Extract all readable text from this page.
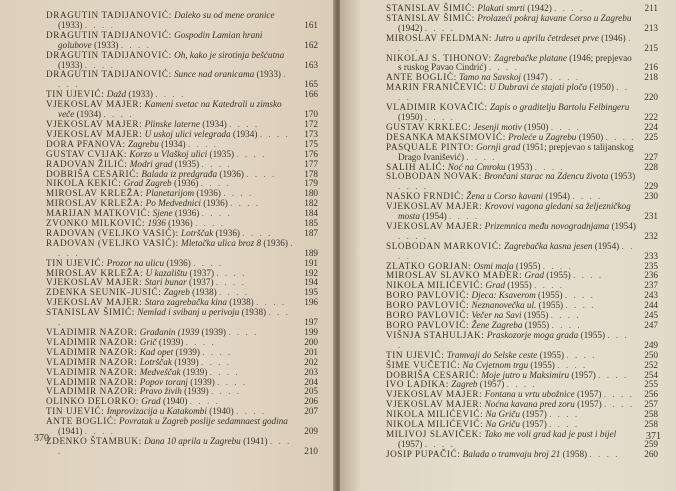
DRAGUTIN TADIJANOVIĆ: Daleko su od mene oranice (1933) . . . .	161
DRAGUTIN TADIJANOVIĆ: Gospodin Lamian hrani golubove (1933) . . . .	162
DRAGUTIN TADIJANOVIĆ: Oh, kako je sirotinja bešćutna (1933) . . . .	163
DRAGUTIN TADIJANOVIĆ: Sunce nad oranicama (1933) . . . .	165
TIN UJEVIĆ: Dažd (1933) . . . .	166
VJEKOSLAV MAJER: Kameni svetac na Katedrali u zimsko veče (1934) . . . .	170
VJEKOSLAV MAJER: Plinske laterne (1934) . . . .	172
VJEKOSLAV MAJER: U uskoj ulici velegrada (1934) . . . . 173
DORA PFANOVA: Zagrebu (1934) . . . .	175
GUSTAV CVIJAK: Korzo u Vlaškoj ulici (1935) . . . .	176
RADOVAN ŽILIĆ: Modri grad (1935) . . . .	177
DOBRIŠA CESARIĆ: Balada iz predgrađa (1936) . . . .	178
NIKOLA KEKIĆ: Grad Zagreb (1936) . . . .	179
MIROSLAV KRLEŽA: Planetarijom (1936) . . . .	180
MIROSLAV KRLEŽA: Po Medvednici (1936) . . . .	182
MARIJAN MATKOVIĆ: Sjene (1936) . . . .	184
ZVONKO MILKOVIĆ: 1936 (1936) . . . .	185
RADOVAN (VELJKO VASIĆ): Lotrščak (1936) . . . .	187
RADOVAN (VELJKO VASIĆ): Mletačka ulica broz 8 (1936) . . . .	189
TIN UJEVIĆ: Prozor na ulicu (1936) . . . .	191
MIROSLAV KRLEŽA: U kazalištu (1937) . . . .	192
VJEKOSLAV MAJER: Stari bunar (1937) . . . .	194
ZDENKA SEUNIK-JUSIĆ: Zagreb (1938) . . . .	195
VJEKOSLAV MAJER: Stara zagrebačka kina (1938) . . . . 196
STANISLAV ŠIMIĆ: Nemlad i svibanj u perivoju (1938) . . . .	197
VLADIMIR NAZOR: Građanin (1939 (1939) . . . .	199
VLADIMIR NAZOR: Grič (1939) . . . .	200
VLADIMIR NAZOR: Kad opet (1939) . . . .	201
VLADIMIR NAZOR: Lotrščak (1939) . . . .	202
VLADIMIR NAZOR: Medveščak (1939) . . . .	203
VLADIMIR NAZOR: Popov toranj (1939) . . . .	204
VLADIMIR NAZOR: Pravo živih (1939) . . . .	205
OLINKO DELORKO: Grad (1940) . . . .	206
TIN UJEVIĆ: Improvizacija u Katakombi (1940) . . . .	207
ANTE BOGLIĆ: Povratak u Zagreb poslije sedamnaest godina (1941) . . . .	209
ZDENKO ŠTAMBUK: Dana 10 aprila u Zagrebu (1941) . . . .	210
370
STANISLAV ŠIMIĆ: Plakati smrti (1942) . . . .	211
STANISLAV ŠIMIĆ: Prolazeći pokraj kavane Corso u Zagrebu (1942) . . . .	213
MIROSLAV FELDMAN: Jutro u aprilu četrdeset prve (1946) . . . .	215
NIKOLAJ S. TIHONOV: Zagrebačke platane (1946; prepjevao s ruskog Pavao Cindrić) . . . .	216
ANTE BOGLIĆ: Tamo na Savskoj (1947) . . . .	218
MARIN FRANIČEVIĆ: U Dubravi će stajati ploča (1950) . . . .	220
VLADIMIR KOVAČIĆ: Zapis o graditelju Bartolu Felbingeru (1950) . . . .	222
GUSTAV KRKLEC: Jesenji motiv (1950) . . . .	224
DESANKA MAKSIMOVIĆ: Proleće u Zagrebu (1950) . . . . 225
PASQUALE PINTO: Gornji grad (1951; prepjevao s talijanskog Drago Ivanišević) . . . .	227
SALIH ALIĆ: Noć na Cmroku (1953) . . . .	228
SLOBODAN NOVAK: Brončani starac na Zdencu života (1953) . . . .	229
NASKO FRNDIĆ: Žena u Corso kavani (1954) . . . .	230
VJEKOSLAV MAJER: Krovovi vagona gledani sa željezničkog mosta (1954) . . . .	231
VJEKOSLAV MAJER: Prizemnica među novogradnjama (1954) . . . .	232
SLOBODAN MARKOVIĆ: Zagrebačka kasna jesen (1954) . . . .	233
ZLATKO GORJAN: Osmi maja (1955) . . . .	235
MIROSLAV SLAVKO MAĐER: Grad (1955) . . . .	236
NIKOLA MILIĆEVIĆ: Grad (1955) . . . .	237
BORO PAVLOVIĆ: Djeca: Ksaverom (1955) . . . .	243
BORO PAVLOVIĆ: Neznanovečka ul. (1955) . . . .	244
BORO PAVLOVIĆ: Večer na Savi (1955) . . . .	245
BORO PAVLOVIĆ: Žene Zagreba (1955) . . . .	247
VIŠNJA STAHULJAK: Praskozorje moga grada (1955) . . . .	249
TIN UJEVIĆ: Tramvaji do Selske ceste (1955) . . . .	250
ŠIME VUČETIĆ: Na Cvjetnom trgu (1955) . . . .	252
DOBRIŠA CESARIĆ: Moje jutro u Maksimiru (1957) . . . . 254
IVO LADIKA: Zagreb (1957) . . . .	255
VJEKOSLAV MAJER: Fontana u vrtu ubožnice (1957) . . . . 256
VJEKOSLAV MAJER: Noćna kavana pred zoru (1957) . . . . 257
NIKOLA MILIĆEVIĆ: Na Griču (1957) . . . .	258
NIKOLA MILIĆEVIĆ: Na Griču (1957) . . . .	258
MILIVOJ SLAVIČEK: Tako me voli grad kad je pust i bijel (1957) . . . .	259
JOSIP PUPAČIĆ: Balada o tramvaju broj 21 (1958) . . . .	260
371
